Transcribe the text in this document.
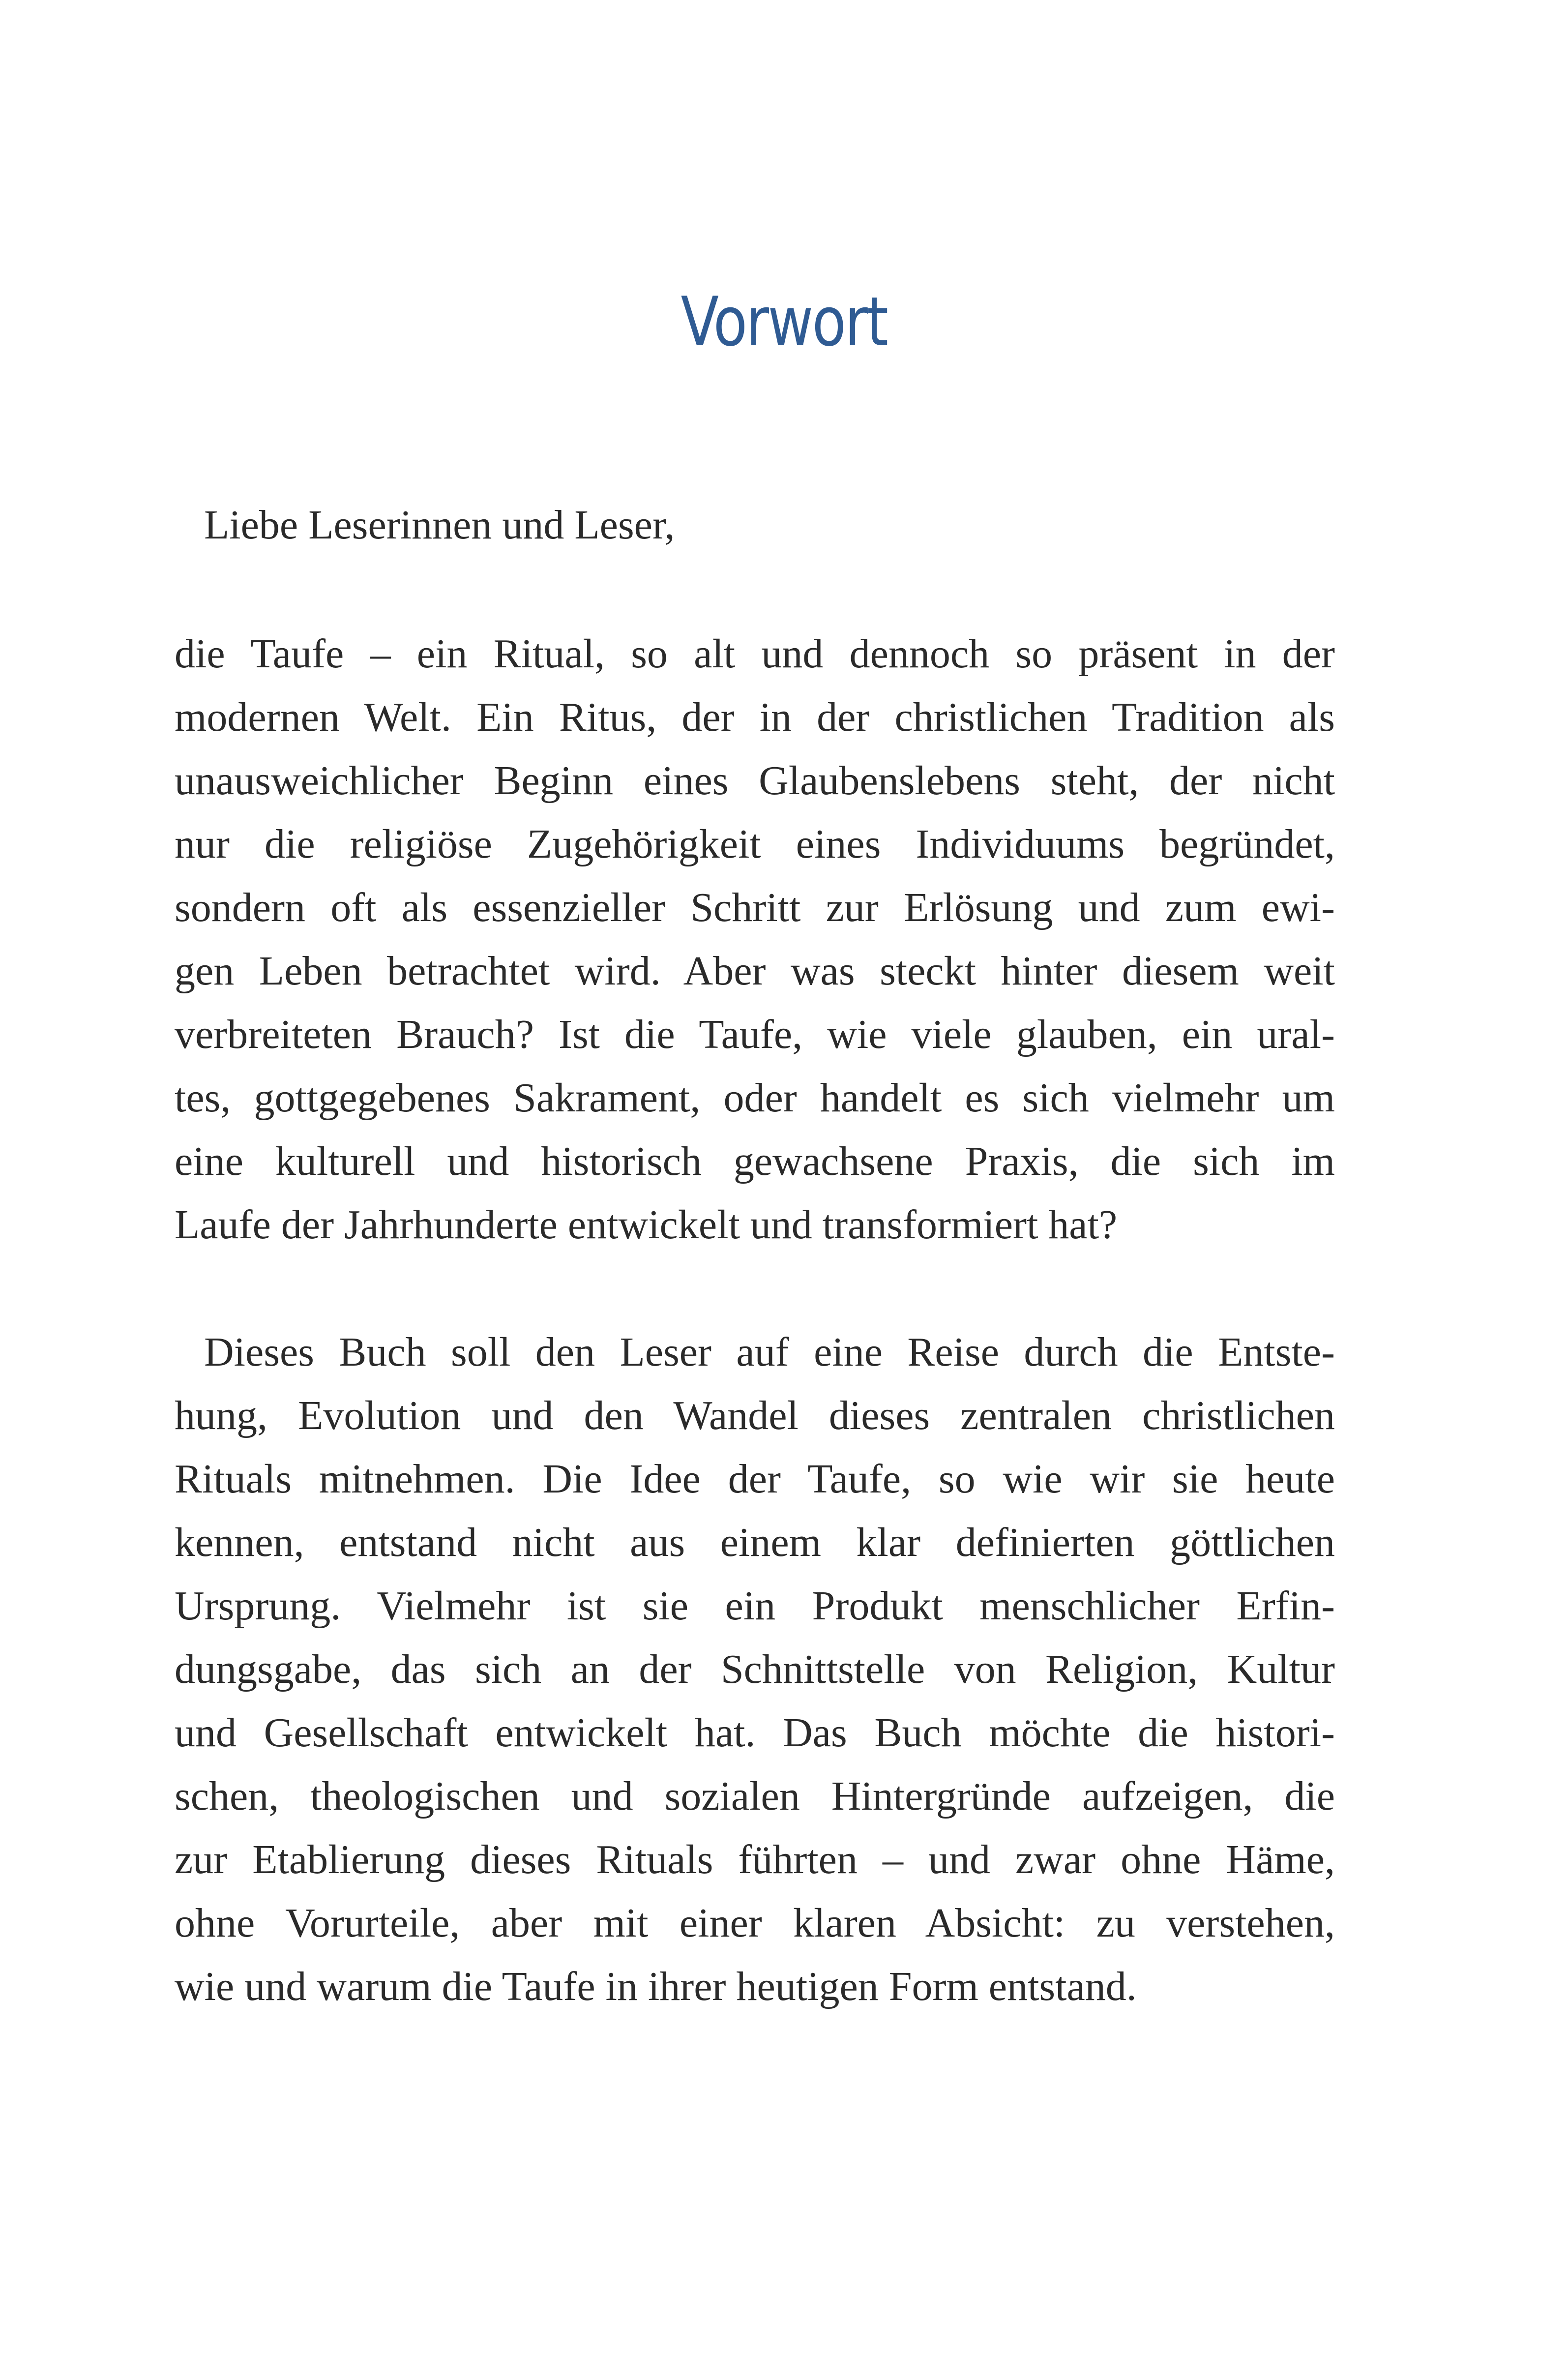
Vorwort

Liebe Leserinnen und Leser,

die Taufe – ein Ritual, so alt und dennoch so präsent in der
modernen Welt. Ein Ritus, der in der christlichen Tradition als
unausweichlicher Beginn eines Glaubenslebens steht, der nicht
nur die religiöse Zugehörigkeit eines Individuums begründet,
sondern oft als essenzieller Schritt zur Erlösung und zum ewi-
gen Leben betrachtet wird. Aber was steckt hinter diesem weit
verbreiteten Brauch? Ist die Taufe, wie viele glauben, ein ural-
tes, gottgegebenes Sakrament, oder handelt es sich vielmehr um
eine kulturell und historisch gewachsene Praxis, die sich im
Laufe der Jahrhunderte entwickelt und transformiert hat?
Dieses Buch soll den Leser auf eine Reise durch die Entste-
hung, Evolution und den Wandel dieses zentralen christlichen
Rituals mitnehmen. Die Idee der Taufe, so wie wir sie heute
kennen, entstand nicht aus einem klar definierten göttlichen
Ursprung. Vielmehr ist sie ein Produkt menschlicher Erfin-
dungsgabe, das sich an der Schnittstelle von Religion, Kultur
und Gesellschaft entwickelt hat. Das Buch möchte die histori-
schen, theologischen und sozialen Hintergründe aufzeigen, die
zur Etablierung dieses Rituals führten – und zwar ohne Häme,
ohne Vorurteile, aber mit einer klaren Absicht: zu verstehen,
wie und warum die Taufe in ihrer heutigen Form entstand.
